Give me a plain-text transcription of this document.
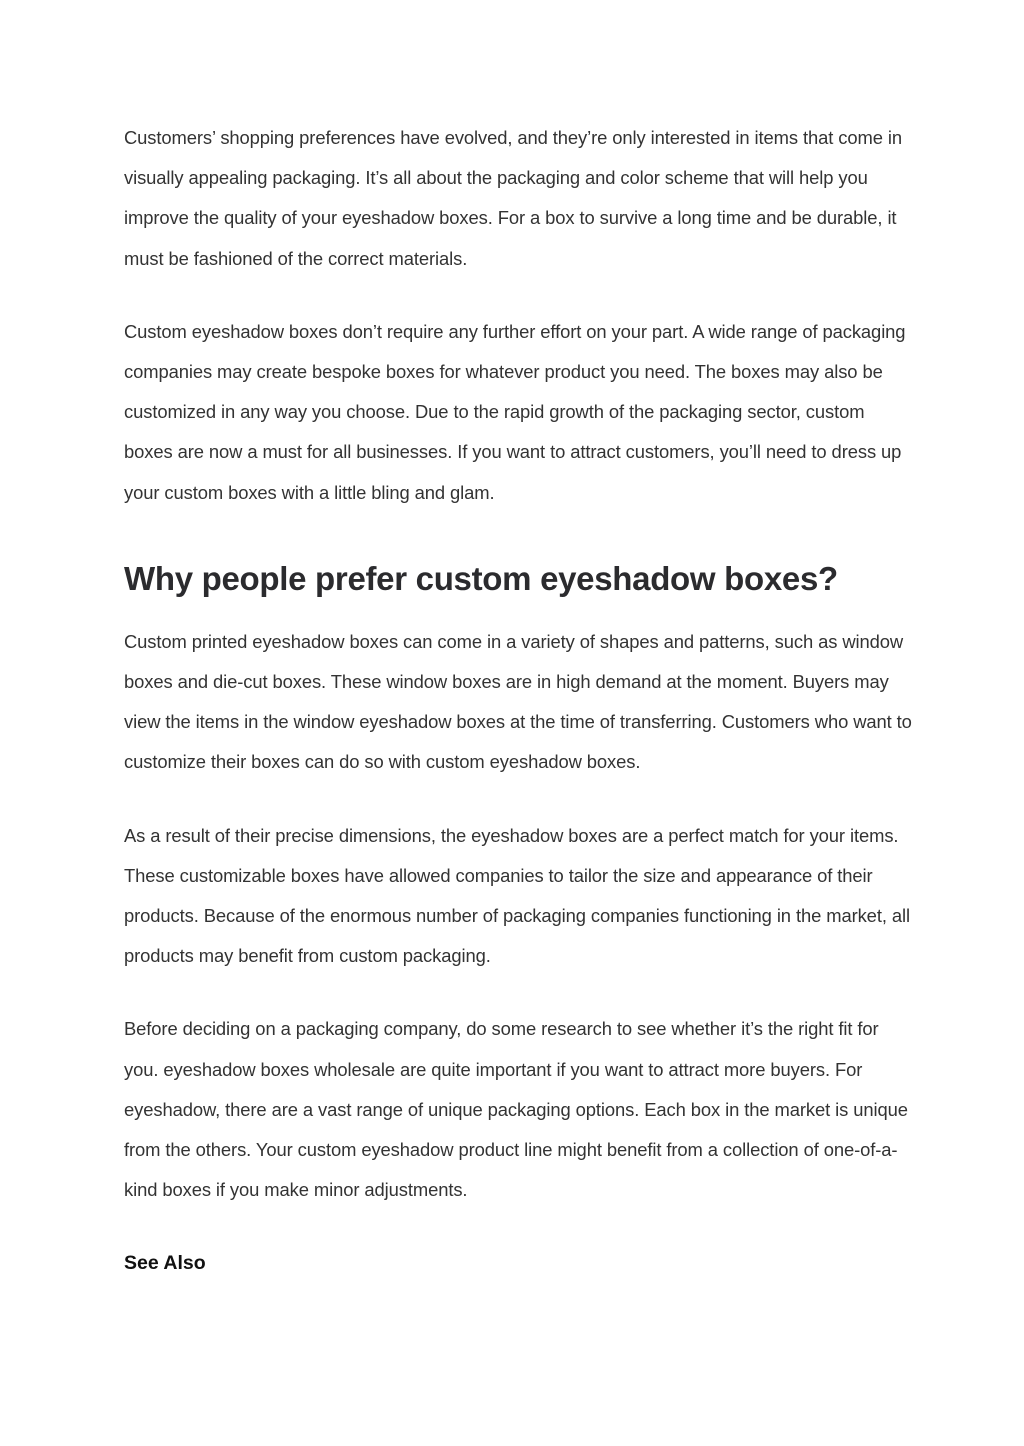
Customers’ shopping preferences have evolved, and they’re only interested in items that come in visually appealing packaging. It’s all about the packaging and color scheme that will help you improve the quality of your eyeshadow boxes. For a box to survive a long time and be durable, it must be fashioned of the correct materials.

Custom eyeshadow boxes don’t require any further effort on your part. A wide range of packaging companies may create bespoke boxes for whatever product you need. The boxes may also be customized in any way you choose. Due to the rapid growth of the packaging sector, custom boxes are now a must for all businesses. If you want to attract customers, you’ll need to dress up your custom boxes with a little bling and glam.

Why people prefer custom eyeshadow boxes?

Custom printed eyeshadow boxes can come in a variety of shapes and patterns, such as window boxes and die-cut boxes. These window boxes are in high demand at the moment. Buyers may view the items in the window eyeshadow boxes at the time of transferring. Customers who want to customize their boxes can do so with custom eyeshadow boxes.

As a result of their precise dimensions, the eyeshadow boxes are a perfect match for your items. These customizable boxes have allowed companies to tailor the size and appearance of their products. Because of the enormous number of packaging companies functioning in the market, all products may benefit from custom packaging.

Before deciding on a packaging company, do some research to see whether it’s the right fit for you. eyeshadow boxes wholesale are quite important if you want to attract more buyers. For eyeshadow, there are a vast range of unique packaging options. Each box in the market is unique from the others. Your custom eyeshadow product line might benefit from a collection of one-of-a-kind boxes if you make minor adjustments.

See Also
